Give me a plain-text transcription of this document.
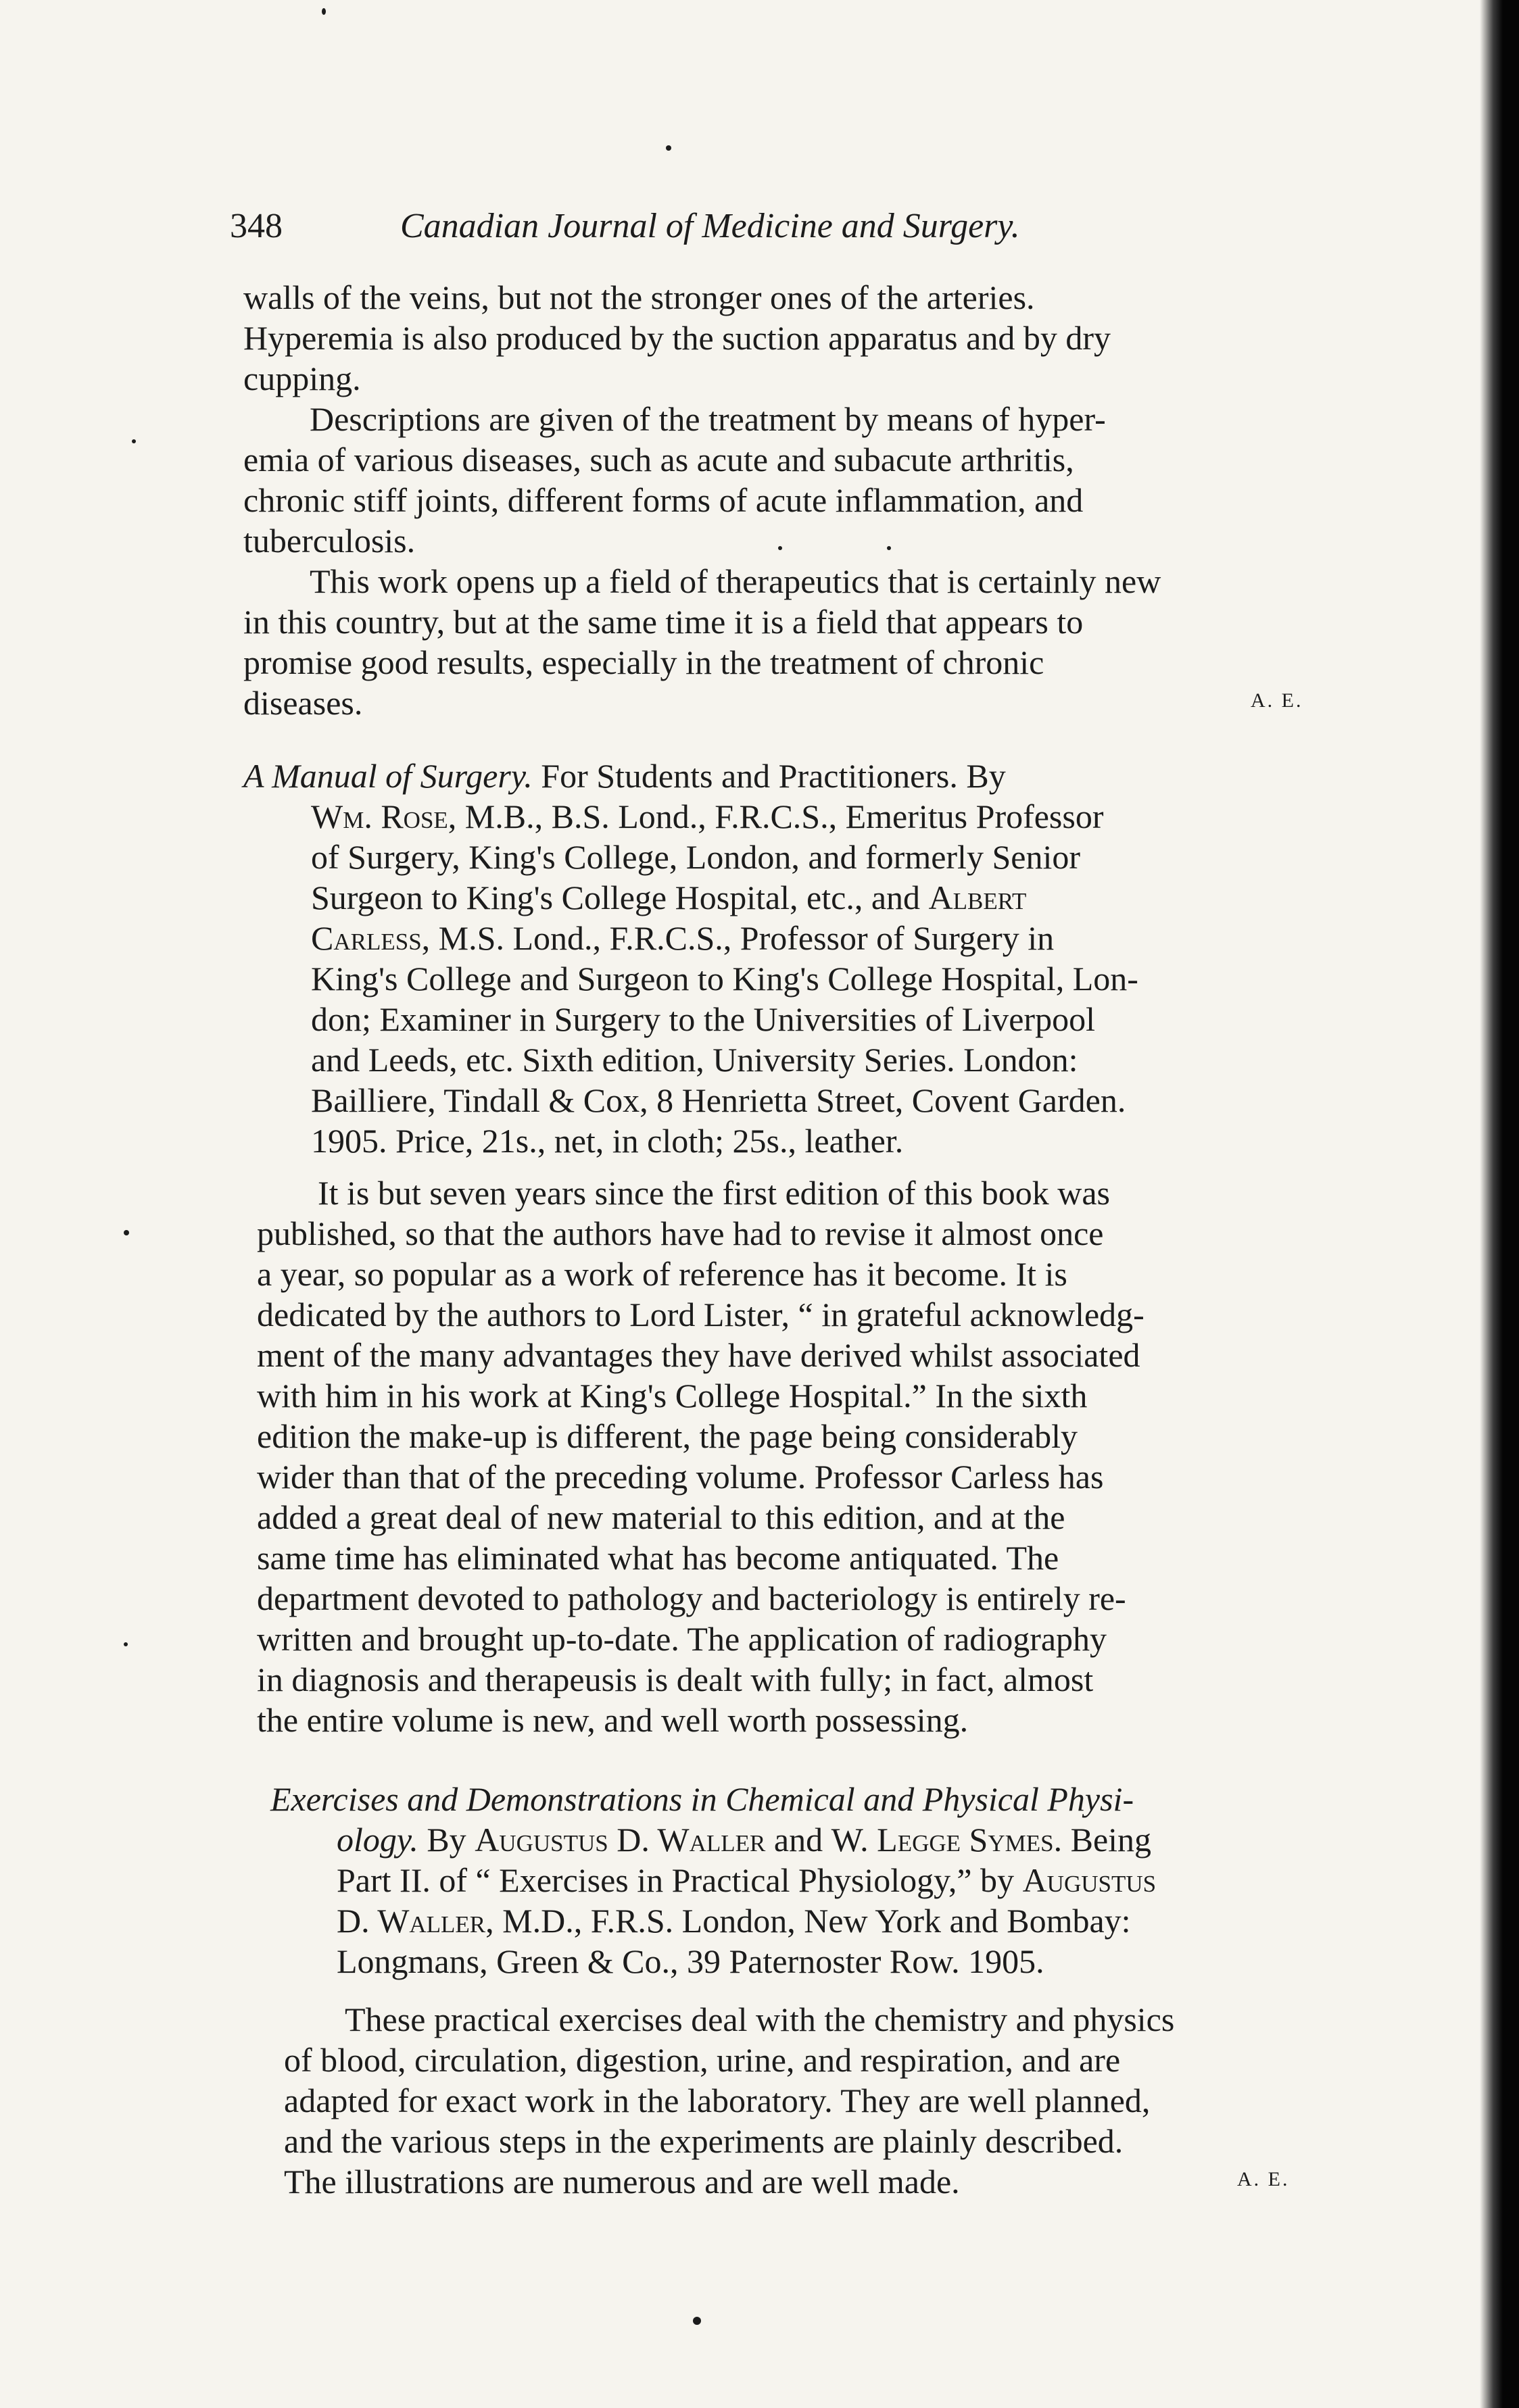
348	Canadian Journal of Medicine and Surgery.
walls of the veins, but not the stronger ones of the arteries.
Hyperemia is also produced by the suction apparatus and by dry
cupping.
Descriptions are given of the treatment by means of hyper-
emia of various diseases, such as acute and subacute arthritis,
chronic stiff joints, different forms of acute inflammation, and
tuberculosis.
This work opens up a field of therapeutics that is certainly new
in this country, but at the same time it is a field that appears to
promise good results, especially in the treatment of chronic
diseases.	A. E.
A Manual of Surgery. For Students and Practitioners. By
Wm. Rose, M.B., B.S. Lond., F.R.C.S., Emeritus Professor
of Surgery, King's College, London, and formerly Senior
Surgeon to King's College Hospital, etc., and Albert
Carless, M.S. Lond., F.R.C.S., Professor of Surgery in
King's College and Surgeon to King's College Hospital, Lon-
don; Examiner in Surgery to the Universities of Liverpool
and Leeds, etc. Sixth edition, University Series. London:
Bailliere, Tindall & Cox, 8 Henrietta Street, Covent Garden.
1905. Price, 21s., net, in cloth; 25s., leather.
It is but seven years since the first edition of this book was
published, so that the authors have had to revise it almost once
a year, so popular as a work of reference has it become. It is
dedicated by the authors to Lord Lister, “ in grateful acknowledg-
ment of the many advantages they have derived whilst associated
with him in his work at King's College Hospital.” In the sixth
edition the make-up is different, the page being considerably
wider than that of the preceding volume. Professor Carless has
added a great deal of new material to this edition, and at the
same time has eliminated what has become antiquated. The
department devoted to pathology and bacteriology is entirely re-
written and brought up-to-date. The application of radiography
in diagnosis and therapeusis is dealt with fully; in fact, almost
the entire volume is new, and well worth possessing.
Exercises and Demonstrations in Chemical and Physical Physi-
ology. By Augustus D. Waller and W. Legge Symes. Being
Part II. of “ Exercises in Practical Physiology,” by Augustus
D. Waller, M.D., F.R.S. London, New York and Bombay:
Longmans, Green & Co., 39 Paternoster Row. 1905.
These practical exercises deal with the chemistry and physics
of blood, circulation, digestion, urine, and respiration, and are
adapted for exact work in the laboratory. They are well planned,
and the various steps in the experiments are plainly described.
The illustrations are numerous and are well made.	A. E.
